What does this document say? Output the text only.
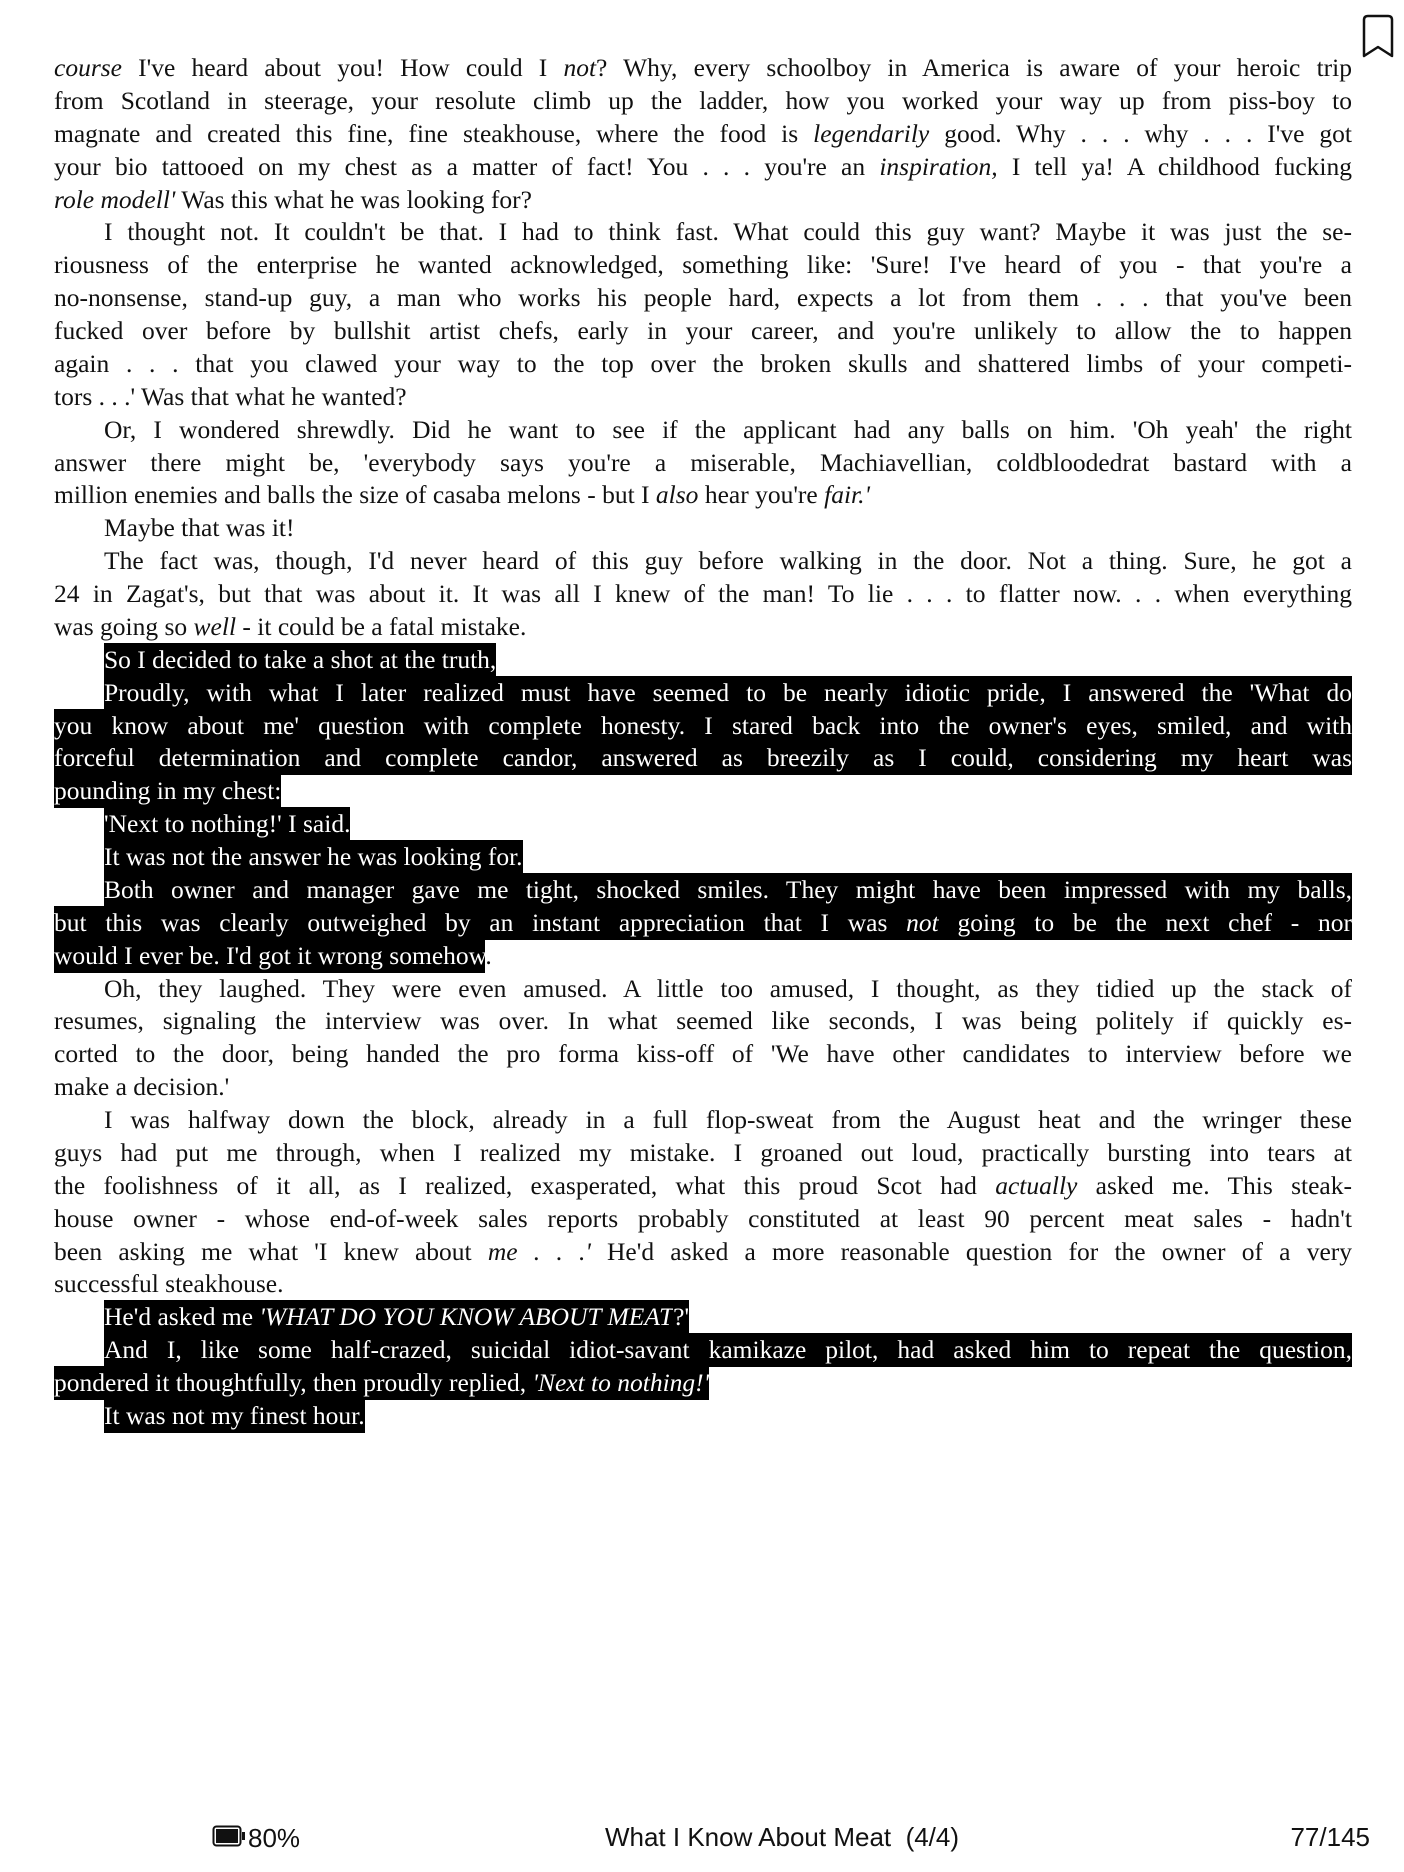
course I've heard about you! How could I not? Why, every schoolboy in America is aware of your heroic trip
from Scotland in steerage, your resolute climb up the ladder, how you worked your way up from piss-boy to
magnate and created this fine, fine steakhouse, where the food is legendarily good. Why . . . why . . . I've got
your bio tattooed on my chest as a matter of fact! You . . . you're an inspiration, I tell ya! A childhood fucking
role modell' Was this what he was looking for?
I thought not. It couldn't be that. I had to think fast. What could this guy want? Maybe it was just the se-
riousness of the enterprise he wanted acknowledged, something like: 'Sure! I've heard of you - that you're a
no-nonsense, stand-up guy, a man who works his people hard, expects a lot from them . . . that you've been
fucked over before by bullshit artist chefs, early in your career, and you're unlikely to allow the to happen
again . . . that you clawed your way to the top over the broken skulls and shattered limbs of your competi-
tors . . .' Was that what he wanted?
Or, I wondered shrewdly. Did he want to see if the applicant had any balls on him. 'Oh yeah' the right
answer there might be, 'everybody says you're a miserable, Machiavellian, coldbloodedrat bastard with a
million enemies and balls the size of casaba melons - but I also hear you're fair.'
Maybe that was it!
The fact was, though, I'd never heard of this guy before walking in the door. Not a thing. Sure, he got a
24 in Zagat's, but that was about it. It was all I knew of the man! To lie . . . to flatter now. . . when everything
was going so well - it could be a fatal mistake.
So I decided to take a shot at the truth,
Proudly, with what I later realized must have seemed to be nearly idiotic pride, I answered the 'What do
you know about me' question with complete honesty. I stared back into the owner's eyes, smiled, and with
forceful determination and complete candor, answered as breezily as I could, considering my heart was
pounding in my chest:
'Next to nothing!' I said.
It was not the answer he was looking for.
Both owner and manager gave me tight, shocked smiles. They might have been impressed with my balls,
but this was clearly outweighed by an instant appreciation that I was not going to be the next chef - nor
would I ever be. I'd got it wrong somehow.
Oh, they laughed. They were even amused. A little too amused, I thought, as they tidied up the stack of
resumes, signaling the interview was over. In what seemed like seconds, I was being politely if quickly es-
corted to the door, being handed the pro forma kiss-off of 'We have other candidates to interview before we
make a decision.'
I was halfway down the block, already in a full flop-sweat from the August heat and the wringer these
guys had put me through, when I realized my mistake. I groaned out loud, practically bursting into tears at
the foolishness of it all, as I realized, exasperated, what this proud Scot had actually asked me. This steak-
house owner - whose end-of-week sales reports probably constituted at least 90 percent meat sales - hadn't
been asking me what 'I knew about me . . .' He'd asked a more reasonable question for the owner of a very
successful steakhouse.
He'd asked me 'WHAT DO YOU KNOW ABOUT MEAT?'
And I, like some half-crazed, suicidal idiot-savant kamikaze pilot, had asked him to repeat the question,
pondered it thoughtfully, then proudly replied, 'Next to nothing!'
It was not my finest hour.
80%	What I Know About Meat  (4/4)	77/145
